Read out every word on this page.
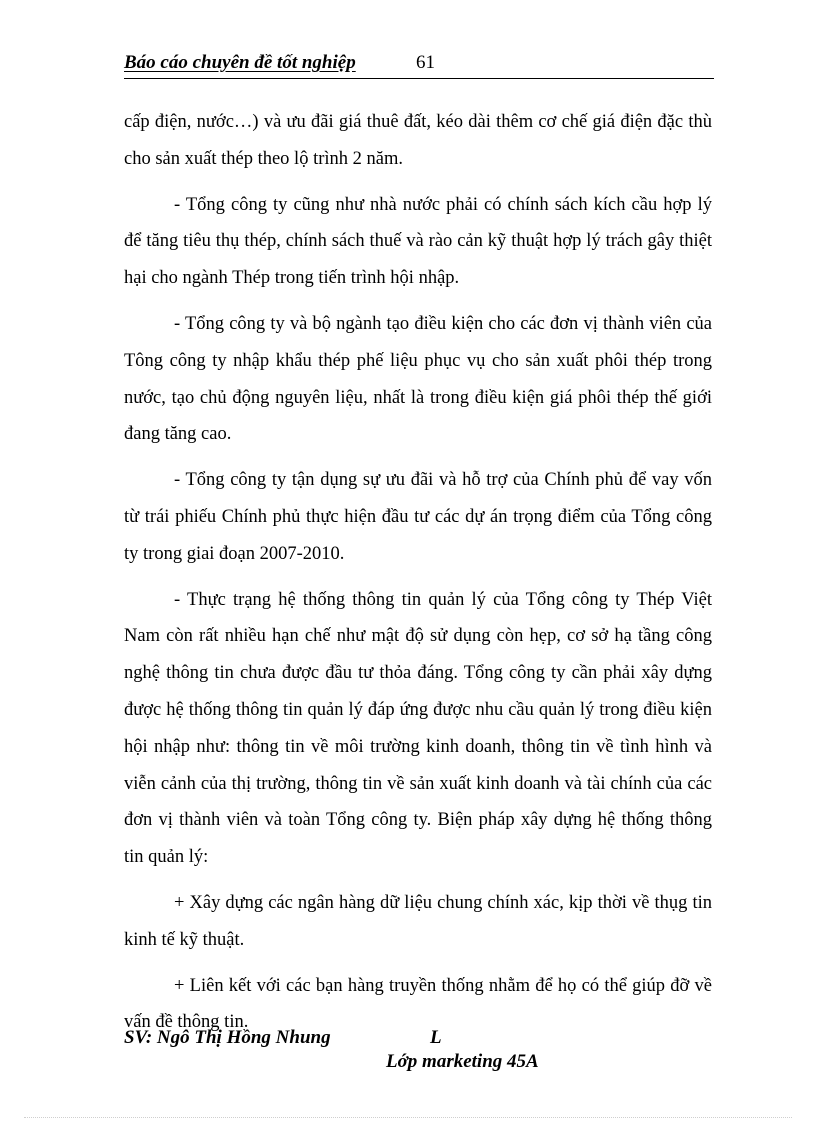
Báo cáo chuyên đề tốt nghiệp	61

cấp điện, nước…) và ưu đãi giá thuê đất, kéo dài thêm cơ chế giá điện đặc thù cho sản xuất thép theo lộ trình 2 năm.

- Tổng công ty cũng như nhà nước phải có chính sách kích cầu hợp lý để tăng tiêu thụ thép, chính sách thuế và rào cản kỹ thuật hợp lý trách gây thiệt hại cho ngành Thép trong tiến trình hội nhập.

- Tổng công ty và bộ ngành tạo điều kiện cho các đơn vị thành viên của Tông công ty nhập khẩu thép phế liệu phục vụ cho sản xuất phôi thép trong nước, tạo chủ động nguyên liệu, nhất là trong điều kiện giá phôi thép thế giới đang tăng cao.

- Tổng công ty tận dụng sự ưu đãi và hỗ trợ của Chính phủ để vay vốn từ trái phiếu Chính phủ thực hiện đầu tư các dự án trọng điểm của Tổng công ty trong giai đoạn 2007-2010.

- Thực trạng hệ thống thông tin quản lý của Tổng công ty Thép Việt Nam còn rất nhiều hạn chế như mật độ sử dụng còn hẹp, cơ sở hạ tầng công nghệ thông tin chưa được đầu tư thỏa đáng. Tổng công ty cần phải xây dựng được hệ thống thông tin quản lý đáp ứng được nhu cầu quản lý trong điều kiện hội nhập như: thông tin về môi trường kinh doanh, thông tin về tình hình và viễn cảnh của thị trường, thông tin về sản xuất kinh doanh và tài chính của các đơn vị thành viên và toàn Tổng công ty. Biện pháp xây dựng hệ thống thông tin quản lý:

+ Xây dựng các ngân hàng dữ liệu chung chính xác, kịp thời về thụg tin kinh tế kỹ thuật.

+ Liên kết với các bạn hàng truyền thống nhằm để họ có thể giúp đỡ về vấn đề thông tin.

SV: Ngô Thị Hồng Nhung	L
Lớp marketing 45A
